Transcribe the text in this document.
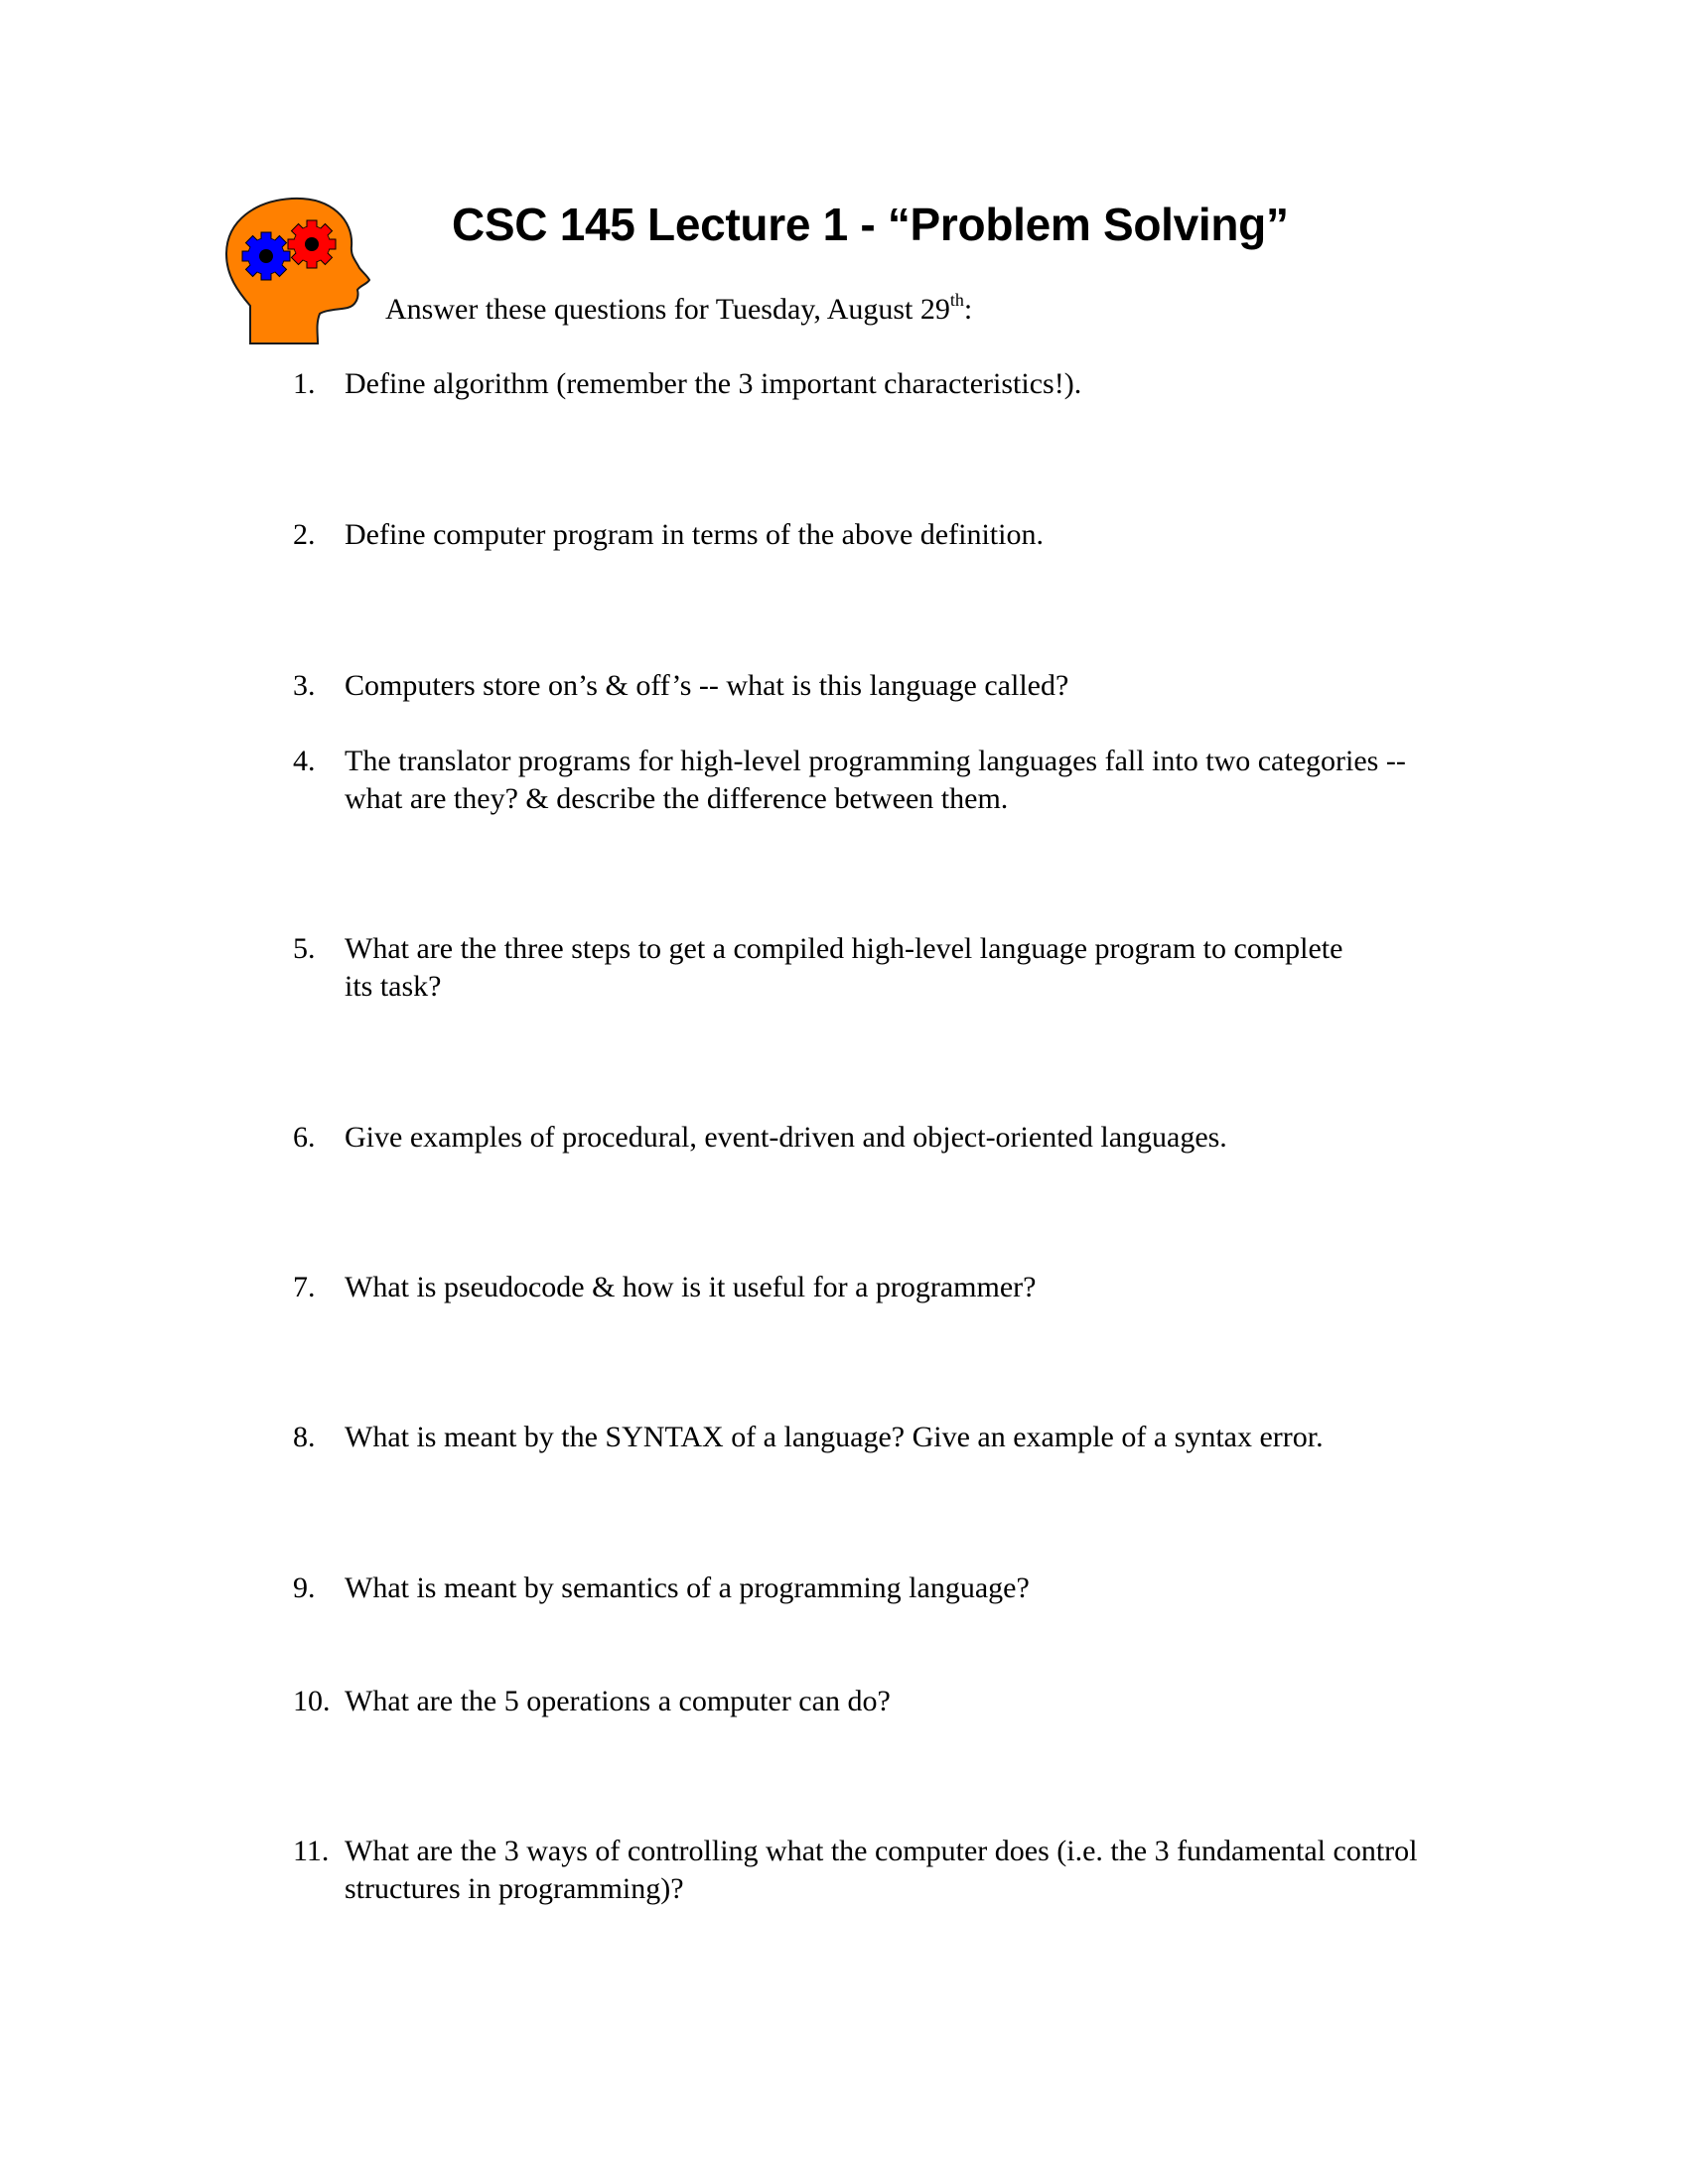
CSC 145 Lecture 1 - “Problem Solving”
Answer these questions for Tuesday, August 29th:
1. Define algorithm (remember the 3 important characteristics!).
2. Define computer program in terms of the above definition.
3. Computers store on’s & off’s -- what is this language called?
4. The translator programs for high-level programming languages fall into two categories -- what are they? & describe the difference between them.
5. What are the three steps to get a compiled high-level language program to complete its task?
6. Give examples of procedural, event-driven and object-oriented languages.
7. What is pseudocode & how is it useful for a programmer?
8. What is meant by the SYNTAX of a language? Give an example of a syntax error.
9. What is meant by semantics of a programming language?
10. What are the 5 operations a computer can do?
11. What are the 3 ways of controlling what the computer does (i.e. the 3 fundamental control structures in programming)?
